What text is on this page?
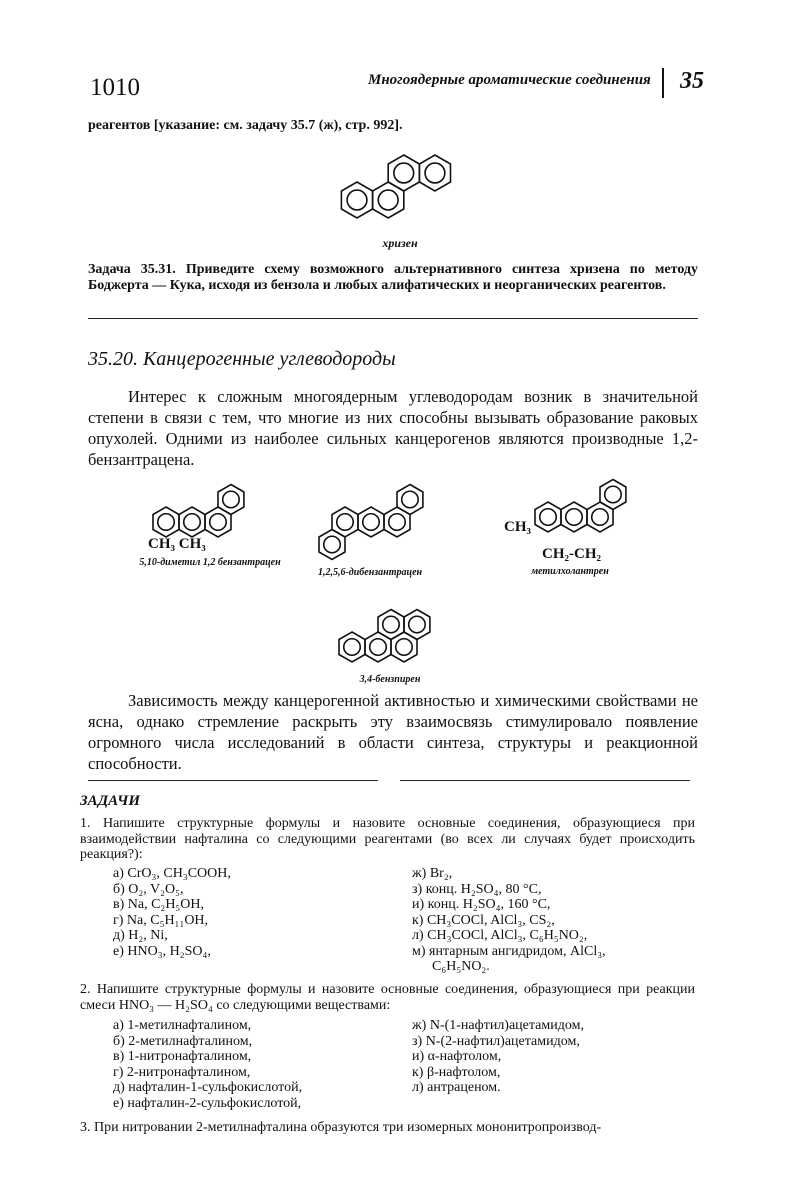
1010	Многоядерные ароматические соединения 35
реагентов [указание: см. задачу 35.7 (ж), стр. 992].
хризен
Задача 35.31. Приведите схему возможного альтернативного синтеза хризена по методу Боджерта — Кука, исходя из бензола и любых алифатических и неорганических реагентов.
35.20. Канцерогенные углеводороды
Интерес к сложным многоядерным углеводородам возник в значительной степени в связи с тем, что многие из них способны вызывать образование раковых опухолей. Одними из наиболее сильных канцерогенов являются производные 1,2-бензантрацена.
CH₃ CH₃
5,10-диметил 1,2 бензантрацен
1,2,5,6-дибензантрацен
CH₃
CH₂-CH₂
метилхолантрен
3,4-бензпирен
Зависимость между канцерогенной активностью и химическими свойствами не ясна, однако стремление раскрыть эту взаимосвязь стимулировало появление огромного числа исследований в области синтеза, структуры и реакционной способности.
ЗАДАЧИ
1. Напишите структурные формулы и назовите основные соединения, образующиеся при взаимодействии нафталина со следующими реагентами (во всех ли случаях будет происходить реакция?):
а) CrO₃, CH₃COOH,
б) O₂, V₂O₅,
в) Na, C₂H₅OH,
г) Na, C₅H₁₁OH,
д) H₂, Ni,
е) HNO₃, H₂SO₄,
ж) Br₂,
з) конц. H₂SO₄, 80 °C,
и) конц. H₂SO₄, 160 °C,
к) CH₃COCl, AlCl₃, CS₂,
л) CH₃COCl, AlCl₃, C₆H₅NO₂,
м) янтарным ангидридом, AlCl₃,
C₆H₅NO₂.
2. Напишите структурные формулы и назовите основные соединения, образующиеся при реакции смеси HNO₃ — H₂SO₄ со следующими веществами:
а) 1-метилнафталином,
б) 2-метилнафталином,
в) 1-нитронафталином,
г) 2-нитронафталином,
д) нафталин-1-сульфокислотой,
е) нафталин-2-сульфокислотой,
ж) N-(1-нафтил)ацетамидом,
з) N-(2-нафтил)ацетамидом,
и) α-нафтолом,
к) β-нафтолом,
л) антраценом.
3. При нитровании 2-метилнафталина образуются три изомерных мононитропроизвод-
